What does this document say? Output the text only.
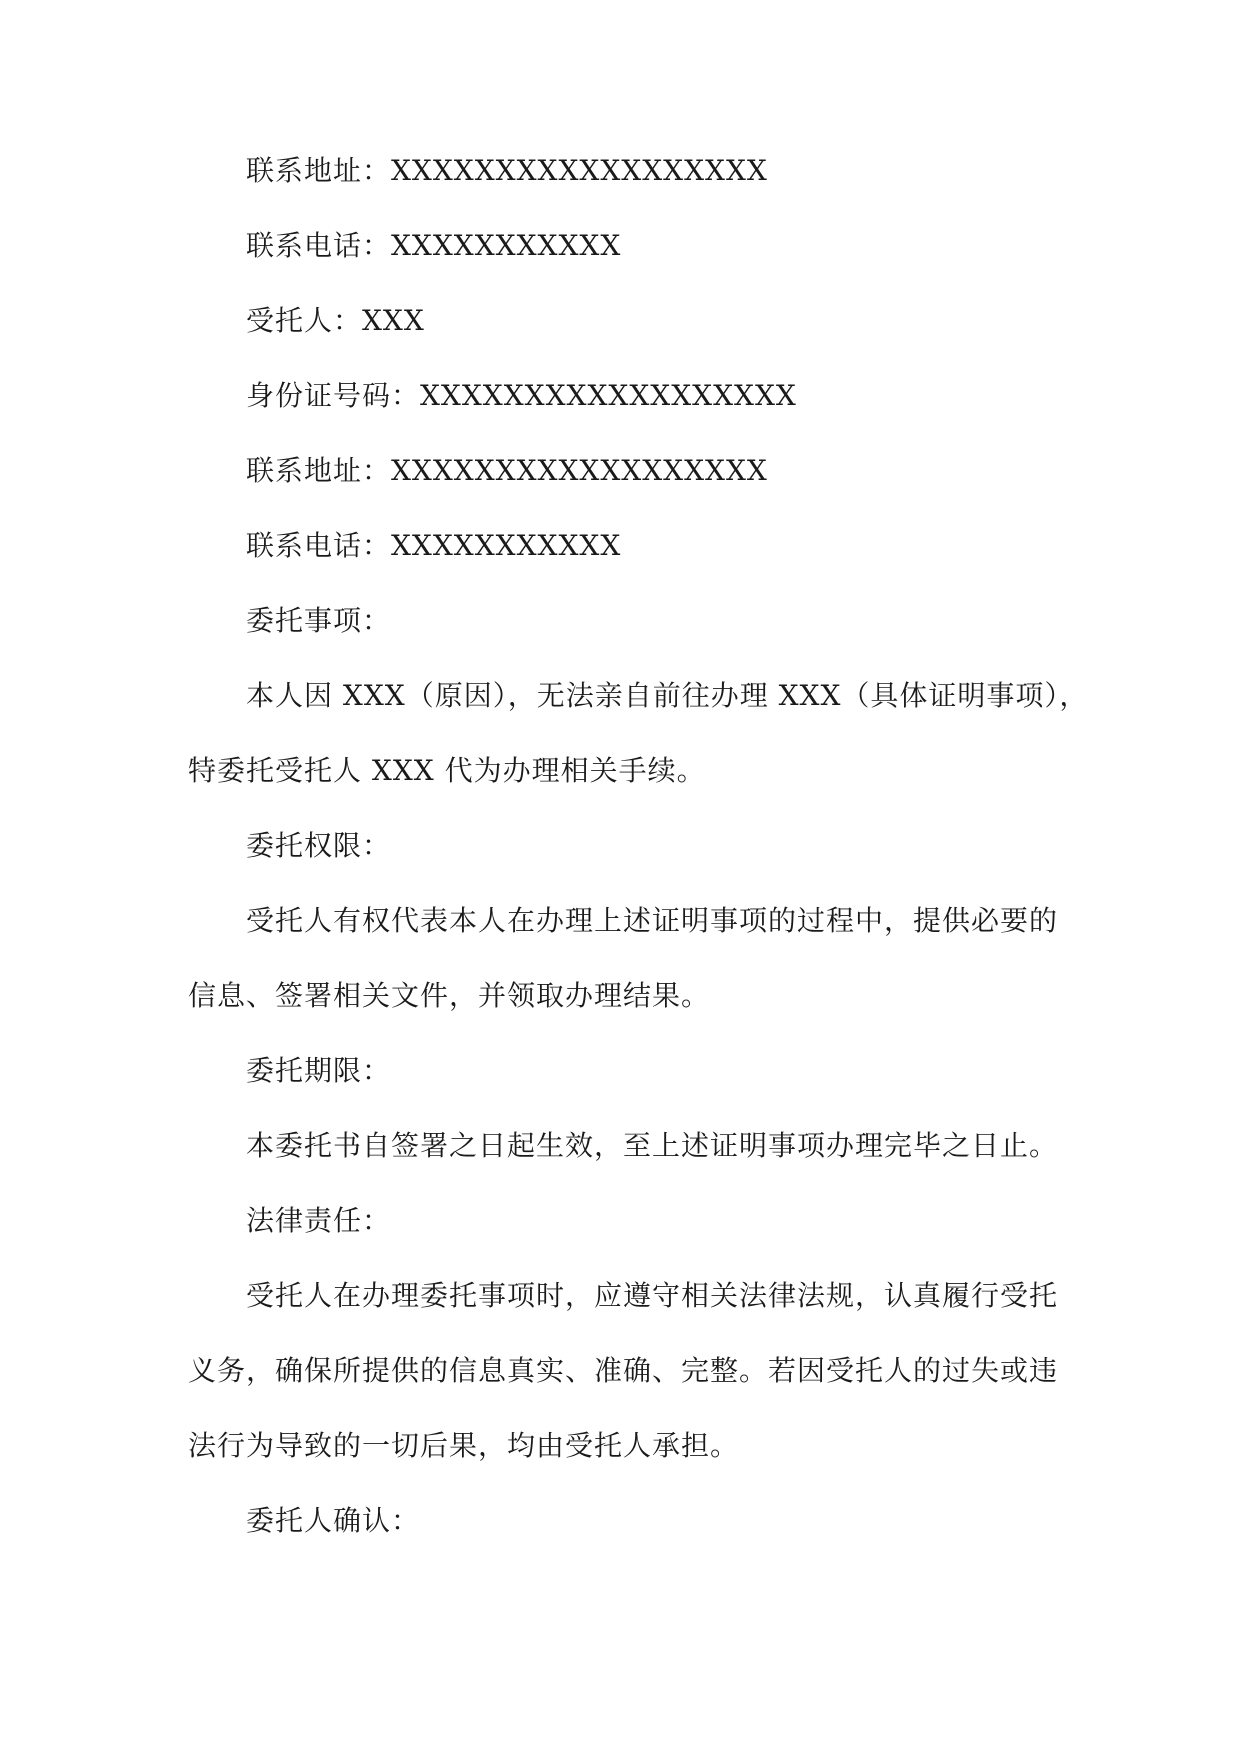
联系地址：XXXXXXXXXXXXXXXXXX
联系电话：XXXXXXXXXXX
受托人：XXX
身份证号码：XXXXXXXXXXXXXXXXXX
联系地址：XXXXXXXXXXXXXXXXXX
联系电话：XXXXXXXXXXX
委托事项：
本人因 XXX（原因），无法亲自前往办理 XXX（具体证明事项），
特委托受托人 XXX 代为办理相关手续。
委托权限：
受托人有权代表本人在办理上述证明事项的过程中，提供必要的
信息、签署相关文件，并领取办理结果。
委托期限：
本委托书自签署之日起生效，至上述证明事项办理完毕之日止。
法律责任：
受托人在办理委托事项时，应遵守相关法律法规，认真履行受托
义务，确保所提供的信息真实、准确、完整。若因受托人的过失或违
法行为导致的一切后果，均由受托人承担。
委托人确认：
